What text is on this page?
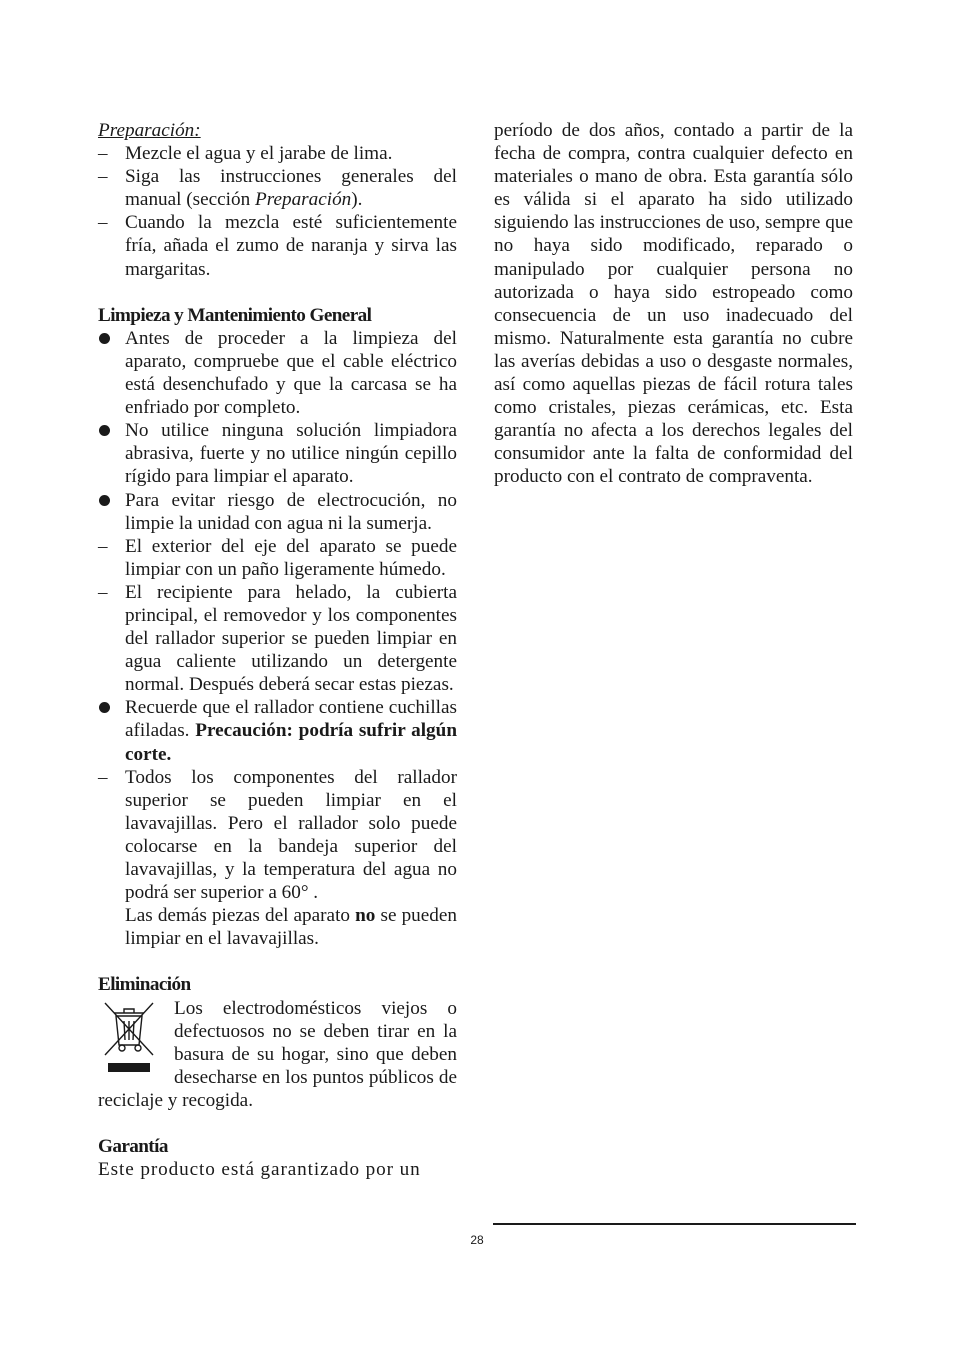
Preparación:
– Mezcle el agua y el jarabe de lima.
– Siga las instrucciones generales del manual (sección Preparación).
– Cuando la mezcla esté suficientemente fría, añada el zumo de naranja y sirva las margaritas.
Limpieza y Mantenimiento General
Antes de proceder a la limpieza del aparato, compruebe que el cable eléctrico está desenchufado y que la carcasa se ha enfriado por completo.
No utilice ninguna solución limpiadora abrasiva, fuerte y no utilice ningún cepillo rígido para limpiar el aparato.
Para evitar riesgo de electrocución, no limpie la unidad con agua ni la sumerja.
– El exterior del eje del aparato se puede limpiar con un paño ligeramente húmedo.
– El recipiente para helado, la cubierta principal, el removedor y los componentes del rallador superior se pueden limpiar en agua caliente utilizando un detergente normal. Después deberá secar estas piezas.
Recuerde que el rallador contiene cuchillas afiladas. Precaución: podría sufrir algún corte.
– Todos los componentes del rallador superior se pueden limpiar en el lavavajillas. Pero el rallador solo puede colocarse en la bandeja superior del lavavajillas, y la temperatura del agua no podrá ser superior a 60° .
Las demás piezas del aparato no se pueden limpiar en el lavavajillas.
Eliminación
Los electrodomésticos viejos o defectuosos no se deben tirar en la basura de su hogar, sino que deben desecharse en los puntos públicos de reciclaje y recogida.
Garantía
Este producto está garantizado por un
período de dos años, contado a partir de la fecha de compra, contra cualquier defecto en materiales o mano de obra. Esta garantía sólo es válida si el aparato ha sido utilizado siguiendo las instrucciones de uso, sempre que no haya sido modificado, reparado o manipulado por cualquier persona no autorizada o haya sido estropeado como consecuencia de un uso inadecuado del mismo. Naturalmente esta garantía no cubre las averías debidas a uso o desgaste normales, así como aquellas piezas de fácil rotura tales como cristales, piezas cerámicas, etc. Esta garantía no afecta a los derechos legales del consumidor ante la falta de conformidad del producto con el contrato de compraventa.
28
